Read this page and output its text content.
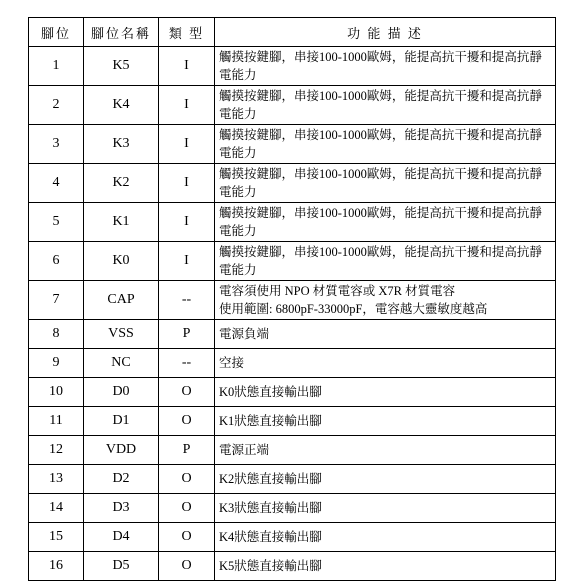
腳位	腳位名稱	類 型	功 能 描 述
1	K5	I	觸摸按鍵腳，串接100-1000歐姆，能提高抗干擾和提高抗靜電能力
2	K4	I	觸摸按鍵腳，串接100-1000歐姆，能提高抗干擾和提高抗靜電能力
3	K3	I	觸摸按鍵腳，串接100-1000歐姆，能提高抗干擾和提高抗靜電能力
4	K2	I	觸摸按鍵腳，串接100-1000歐姆，能提高抗干擾和提高抗靜電能力
5	K1	I	觸摸按鍵腳，串接100-1000歐姆，能提高抗干擾和提高抗靜電能力
6	K0	I	觸摸按鍵腳，串接100-1000歐姆，能提高抗干擾和提高抗靜電能力
7	CAP	--	電容須使用 NPO 材質電容或 X7R 材質電容
使用範圍: 6800pF-33000pF，電容越大靈敏度越高

8	VSS	P	電源負端
9	NC	--	空接
10	D0	O	K0狀態直接輸出腳
11	D1	O	K1狀態直接輸出腳
12	VDD	P	電源正端
13	D2	O	K2狀態直接輸出腳
14	D3	O	K3狀態直接輸出腳
15	D4	O	K4狀態直接輸出腳
16	D5	O	K5狀態直接輸出腳
